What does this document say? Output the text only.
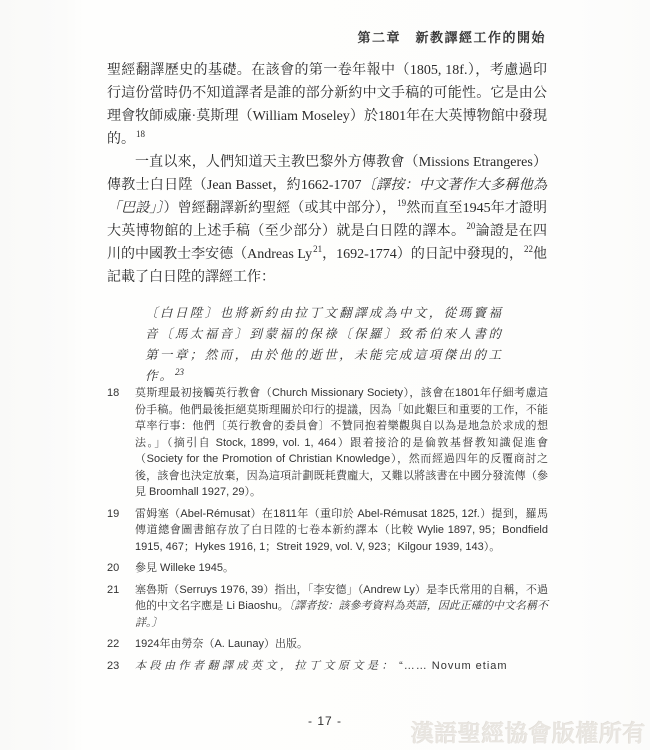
第二章　新教譯經工作的開始

聖經翻譯歷史的基礎。在該會的第一卷年報中（1805, 18f.），考慮過印行這份當時仍不知道譯者是誰的部分新約中文手稿的可能性。它是由公理會牧師威廉·莫斯理（William Moseley）於1801年在大英博物館中發現的。$^{18}$

一直以來，人們知道天主教巴黎外方傳教會（Missions Etrangeres）傳教士白日陞（Jean Basset，約1662-1707〔譯按：中文著作大多稱他為「巴設」〕）曾經翻譯新約聖經（或其中部分），$^{19}$然而直至1945年才證明大英博物館的上述手稿（至少部分）就是白日陞的譯本。$^{20}$論證是在四川的中國教士李安德（Andreas Ly$^{21}$，1692-1774）的日記中發現的，$^{22}$他記載了白日陞的譯經工作：

〔白日陞〕也將新約由拉丁文翻譯成為中文，從瑪竇福音〔馬太福音〕到蒙福的保祿〔保羅〕致希伯來人書的第一章；然而，由於他的逝世，未能完成這項傑出的工作。$^{23}$
18	莫斯理最初接觸英行教會（Church Missionary Society），該會在1801年仔細考慮這份手稿。他們最後拒絕莫斯理關於印行的提議，因為「如此艱巨和重要的工作，不能草率行事：他們〔英行教會的委員會〕不贊同抱着樂觀與自以為是地急於求成的想法。」（摘引自 Stock, 1899, vol. 1, 464）跟着接洽的是倫敦基督教知識促進會（Society for the Promotion of Christian Knowledge），然而經過四年的反覆商討之後，該會也決定放棄，因為這項計劃既耗費龐大，又難以將該書在中國分發流傳（參見 Broomhall 1927, 29）。
19	雷姆塞（Abel-Rémusat）在1811年（重印於 Abel-Rémusat 1825, 12f.）提到，羅馬傳道總會圖書館存放了白日陞的七卷本新約譯本（比較 Wylie 1897, 95；Bondfield 1915, 467；Hykes 1916, 1；Streit 1929, vol. V, 923；Kilgour 1939, 143）。
20	參見 Willeke 1945。
21	塞魯斯（Serruys 1976, 39）指出，「李安德」（Andrew Ly）是李氏常用的自稱，不過他的中文名字應是 Li Biaoshu。〔譯者按：該參考資料為英語，因此正確的中文名稱不詳。〕
22	1924年由勞奈（A. Launay）出版。
23	本段由作者翻譯成英文，拉丁文原文是： “…… Novum etiam
- 17 -	漢語聖經協會版權所有
